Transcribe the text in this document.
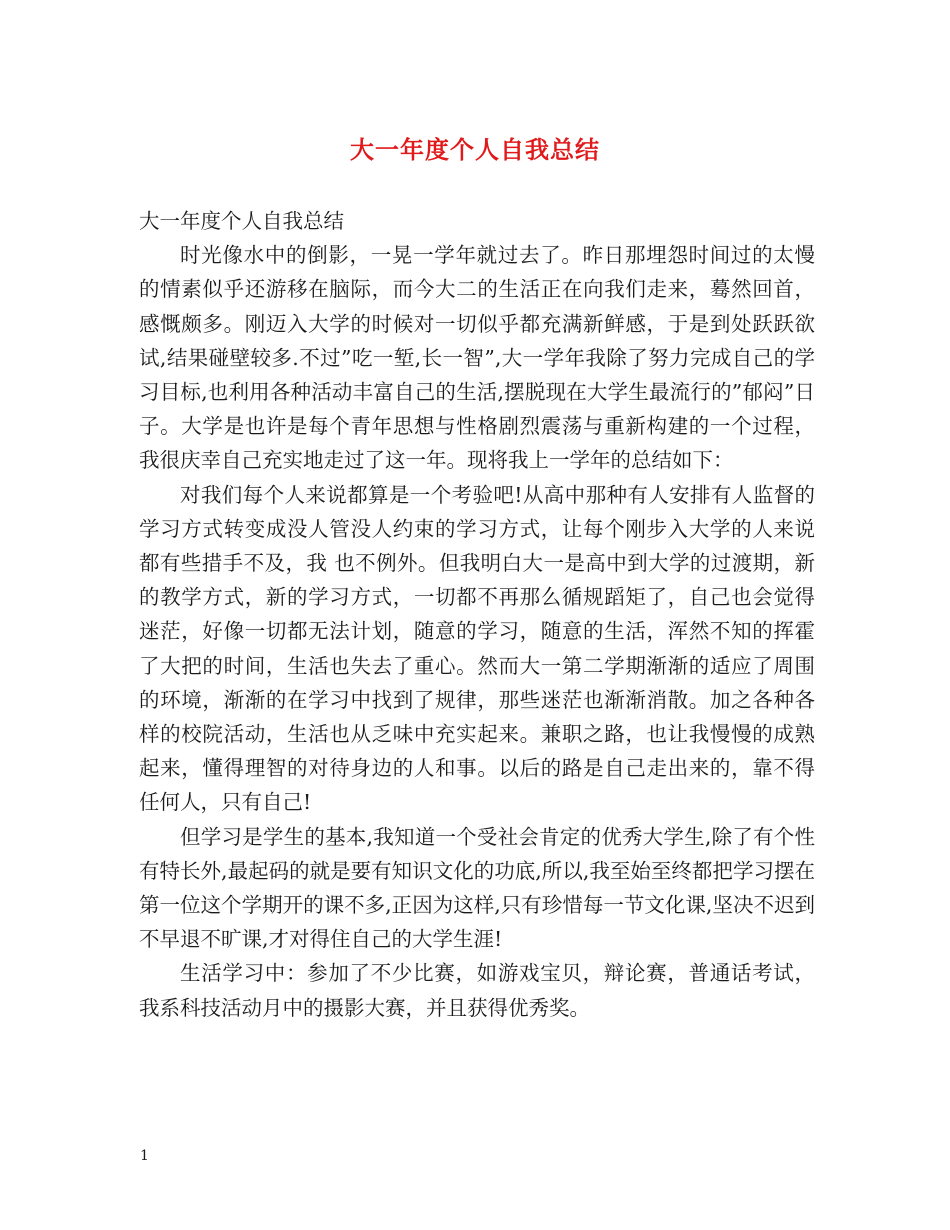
大一年度个人自我总结

大一年度个人自我总结

时光像水中的倒影，一晃一学年就过去了。昨日那埋怨时间过的太慢的情素似乎还游移在脑际，而今大二的生活正在向我们走来，蓦然回首，感慨颇多。刚迈入大学的时候对一切似乎都充满新鲜感，于是到处跃跃欲试,结果碰壁较多.不过”吃一堑,长一智”,大一学年我除了努力完成自己的学习目标,也利用各种活动丰富自己的生活,摆脱现在大学生最流行的”郁闷”日子。大学是也许是每个青年思想与性格剧烈震荡与重新构建的一个过程，我很庆幸自己充实地走过了这一年。现将我上一学年的总结如下：

对我们每个人来说都算是一个考验吧!从高中那种有人安排有人监督的学习方式转变成没人管没人约束的学习方式，让每个刚步入大学的人来说都有些措手不及，我 也不例外。但我明白大一是高中到大学的过渡期，新的教学方式，新的学习方式，一切都不再那么循规蹈矩了，自己也会觉得迷茫，好像一切都无法计划，随意的学习，随意的生活，浑然不知的挥霍了大把的时间，生活也失去了重心。然而大一第二学期渐渐的适应了周围的环境，渐渐的在学习中找到了规律，那些迷茫也渐渐消散。加之各种各样的校院活动，生活也从乏味中充实起来。兼职之路，也让我慢慢的成熟起来，懂得理智的对待身边的人和事。以后的路是自己走出来的，靠不得任何人，只有自己!

但学习是学生的基本,我知道一个受社会肯定的优秀大学生,除了有个性有特长外,最起码的就是要有知识文化的功底,所以,我至始至终都把学习摆在第一位这个学期开的课不多,正因为这样,只有珍惜每一节文化课,坚决不迟到不早退不旷课,才对得住自己的大学生涯!

生活学习中：参加了不少比赛，如游戏宝贝，辩论赛，普通话考试，我系科技活动月中的摄影大赛，并且获得优秀奖。

1
